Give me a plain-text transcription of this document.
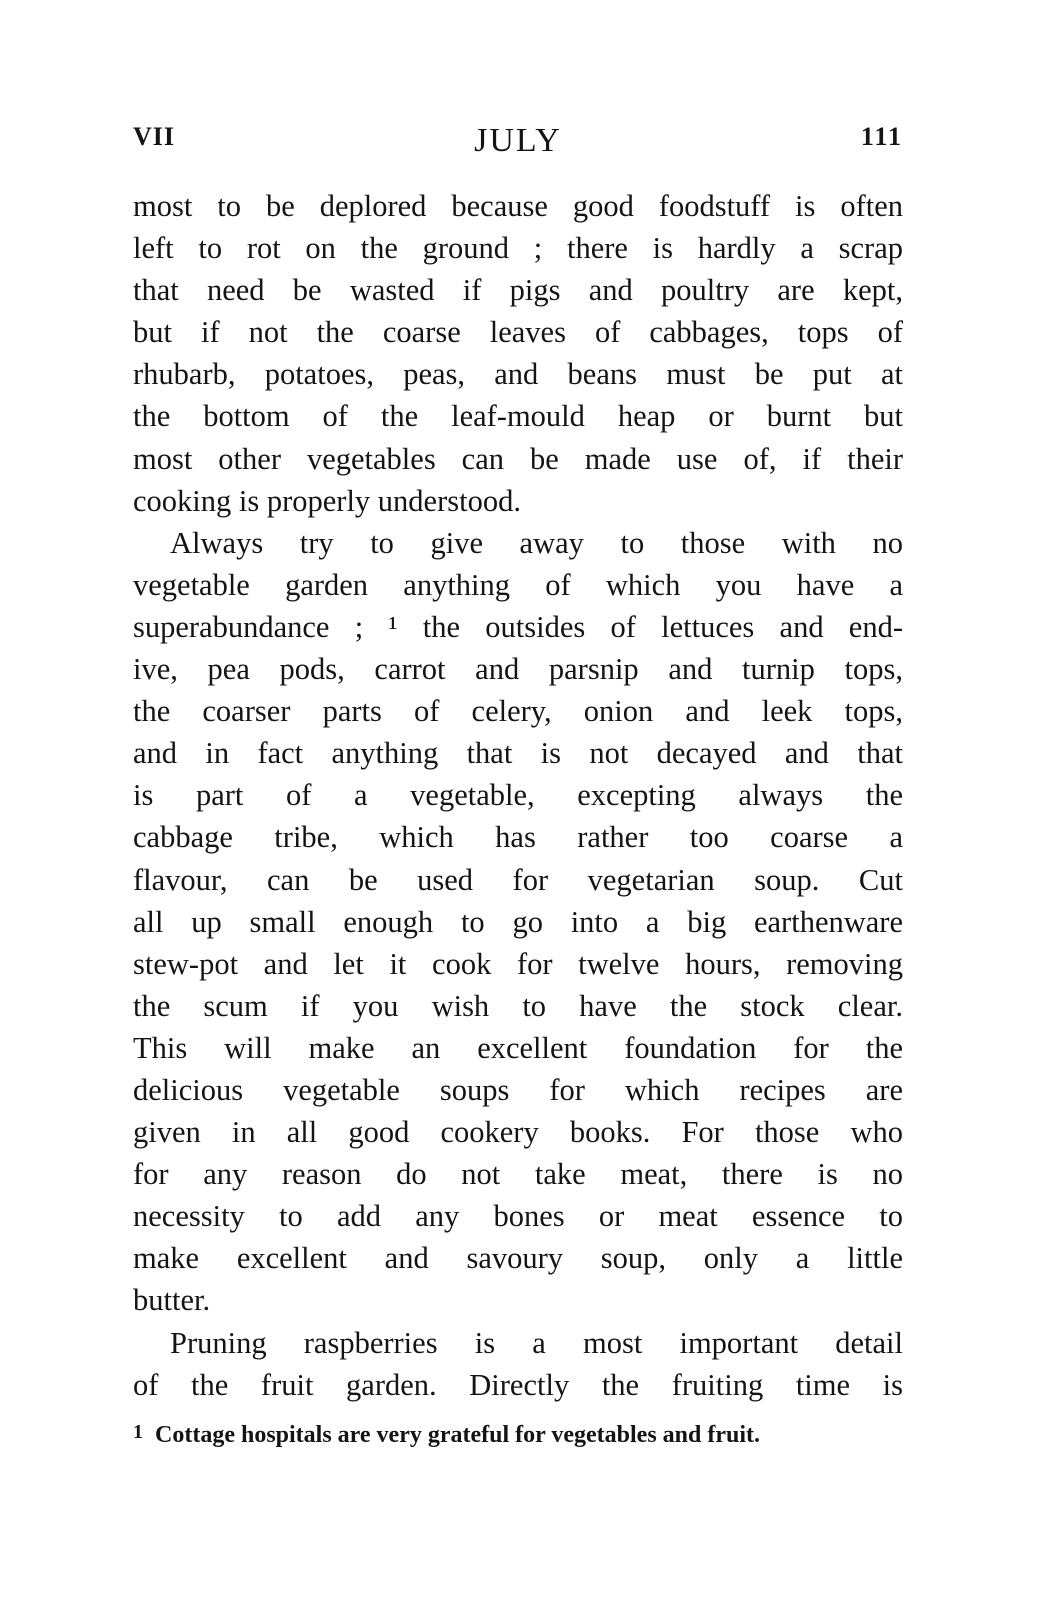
VII	JULY	111
most to be deplored because good foodstuff is often
left to rot on the ground ; there is hardly a scrap
that need be wasted if pigs and poultry are kept,
but if not the coarse leaves of cabbages, tops of
rhubarb, potatoes, peas, and beans must be put at
the bottom of the leaf-mould heap or burnt but
most other vegetables can be made use of, if their
cooking is properly understood.
Always try to give away to those with no
vegetable garden anything of which you have a
superabundance ; ¹ the outsides of lettuces and end-
ive, pea pods, carrot and parsnip and turnip tops,
the coarser parts of celery, onion and leek tops,
and in fact anything that is not decayed and that
is part of a vegetable, excepting always the
cabbage tribe, which has rather too coarse a
flavour, can be used for vegetarian soup. Cut
all up small enough to go into a big earthenware
stew-pot and let it cook for twelve hours, removing
the scum if you wish to have the stock clear.
This will make an excellent foundation for the
delicious vegetable soups for which recipes are
given in all good cookery books. For those who
for any reason do not take meat, there is no
necessity to add any bones or meat essence to
make excellent and savoury soup, only a little
butter.
Pruning raspberries is a most important detail
of the fruit garden. Directly the fruiting time is
1 Cottage hospitals are very grateful for vegetables and fruit.
